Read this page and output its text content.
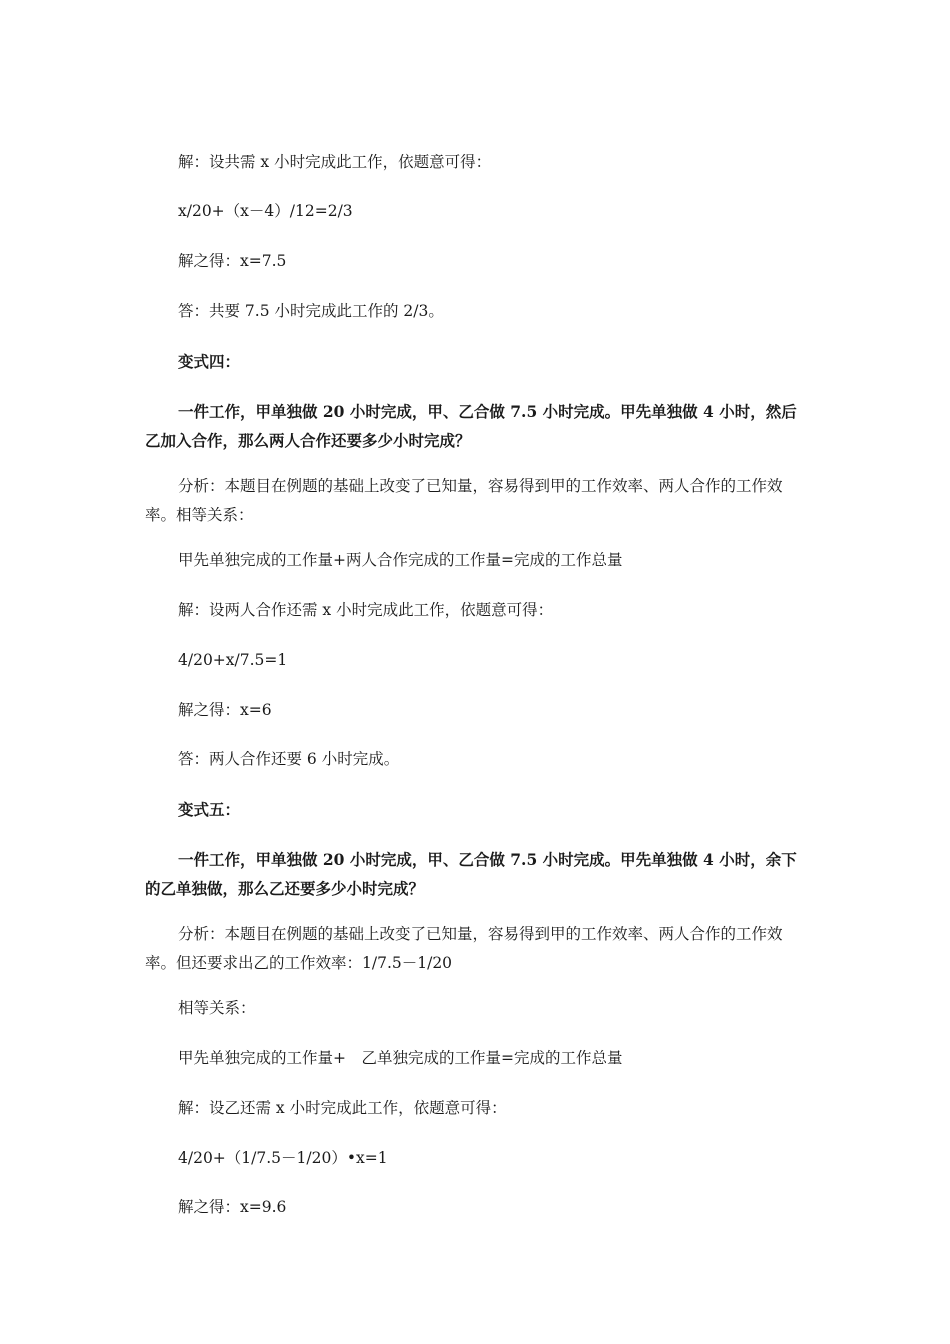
解：设共需 x 小时完成此工作，依题意可得：

x/20+（x－4）/12=2/3

解之得：x=7.5

答：共要 7.5 小时完成此工作的 2/3。

变式四：

一件工作，甲单独做 20 小时完成，甲、乙合做 7.5 小时完成。甲先单独做 4 小时，然后乙加入合作，那么两人合作还要多少小时完成？

分析：本题目在例题的基础上改变了已知量，容易得到甲的工作效率、两人合作的工作效率。相等关系：

甲先单独完成的工作量+两人合作完成的工作量=完成的工作总量

解：设两人合作还需 x 小时完成此工作，依题意可得：

4/20+x/7.5=1

解之得：x=6

答：两人合作还要 6 小时完成。

变式五：

一件工作，甲单独做 20 小时完成，甲、乙合做 7.5 小时完成。甲先单独做 4 小时，余下的乙单独做，那么乙还要多少小时完成？

分析：本题目在例题的基础上改变了已知量，容易得到甲的工作效率、两人合作的工作效率。但还要求出乙的工作效率：1/7.5－1/20

相等关系：

甲先单独完成的工作量+　乙单独完成的工作量=完成的工作总量

解：设乙还需 x 小时完成此工作，依题意可得：

4/20+（1/7.5－1/20）•x=1

解之得：x=9.6
